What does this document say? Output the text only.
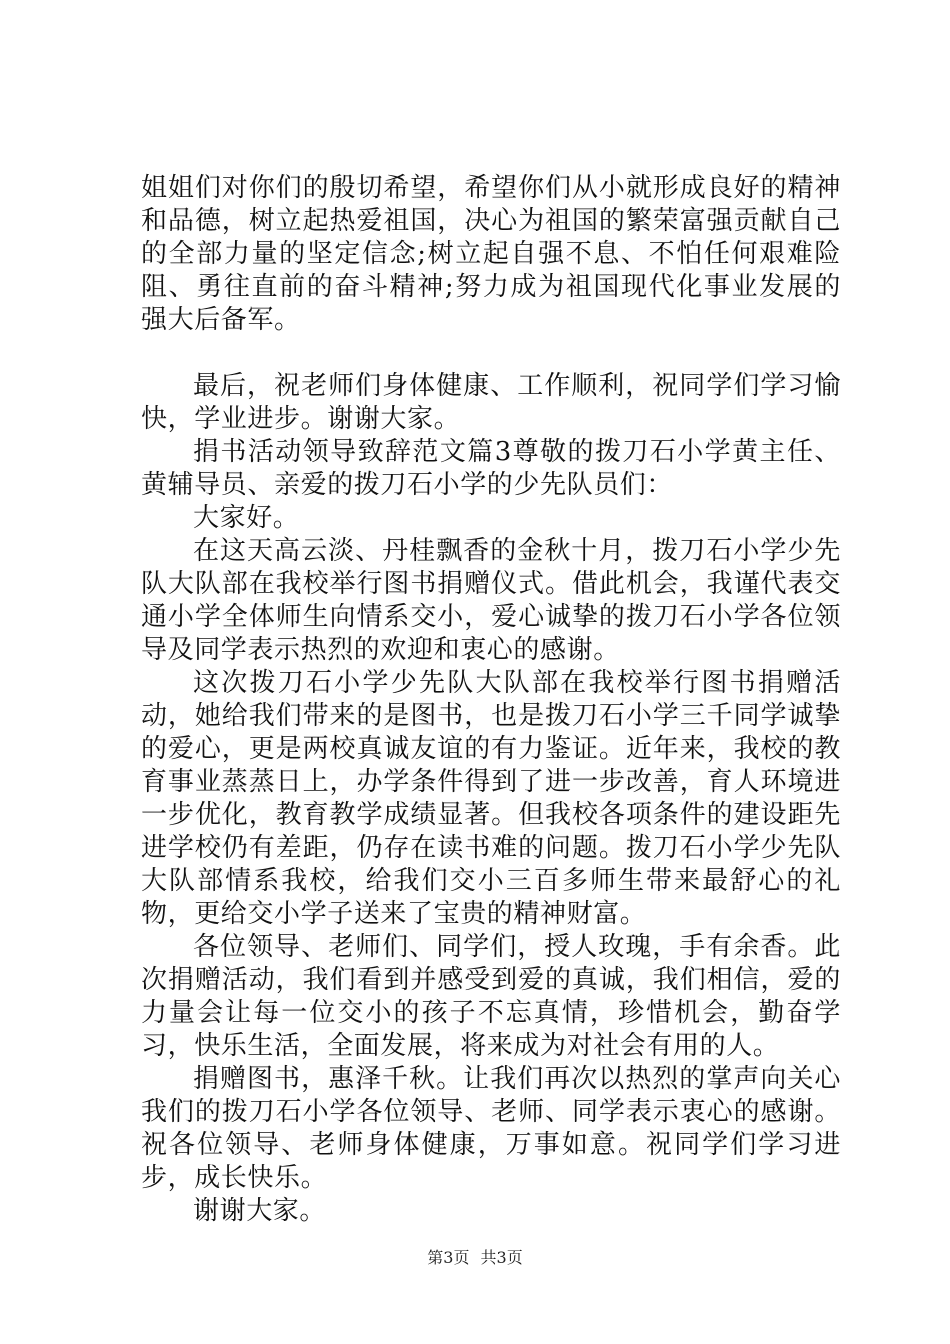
姐姐们对你们的殷切希望，希望你们从小就形成良好的精神和品德，树立起热爱祖国，决心为祖国的繁荣富强贡献自己的全部力量的坚定信念;树立起自强不息、不怕任何艰难险阻、勇往直前的奋斗精神;努力成为祖国现代化事业发展的强大后备军。

最后，祝老师们身体健康、工作顺利，祝同学们学习愉快，学业进步。谢谢大家。

捐书活动领导致辞范文篇3尊敬的拨刀石小学黄主任、黄辅导员、亲爱的拨刀石小学的少先队员们：

大家好。

在这天高云淡、丹桂飘香的金秋十月，拨刀石小学少先队大队部在我校举行图书捐赠仪式。借此机会，我谨代表交通小学全体师生向情系交小，爱心诚挚的拨刀石小学各位领导及同学表示热烈的欢迎和衷心的感谢。

这次拨刀石小学少先队大队部在我校举行图书捐赠活动，她给我们带来的是图书，也是拨刀石小学三千同学诚挚的爱心，更是两校真诚友谊的有力鉴证。近年来，我校的教育事业蒸蒸日上，办学条件得到了进一步改善，育人环境进一步优化，教育教学成绩显著。但我校各项条件的建设距先进学校仍有差距，仍存在读书难的问题。拨刀石小学少先队大队部情系我校，给我们交小三百多师生带来最舒心的礼物，更给交小学子送来了宝贵的精神财富。

各位领导、老师们、同学们，授人玫瑰，手有余香。此次捐赠活动，我们看到并感受到爱的真诚，我们相信，爱的力量会让每一位交小的孩子不忘真情，珍惜机会，勤奋学习，快乐生活，全面发展，将来成为对社会有用的人。

捐赠图书，惠泽千秋。让我们再次以热烈的掌声向关心我们的拨刀石小学各位领导、老师、同学表示衷心的感谢。祝各位领导、老师身体健康，万事如意。祝同学们学习进步，成长快乐。

谢谢大家。

第3页 共3页
